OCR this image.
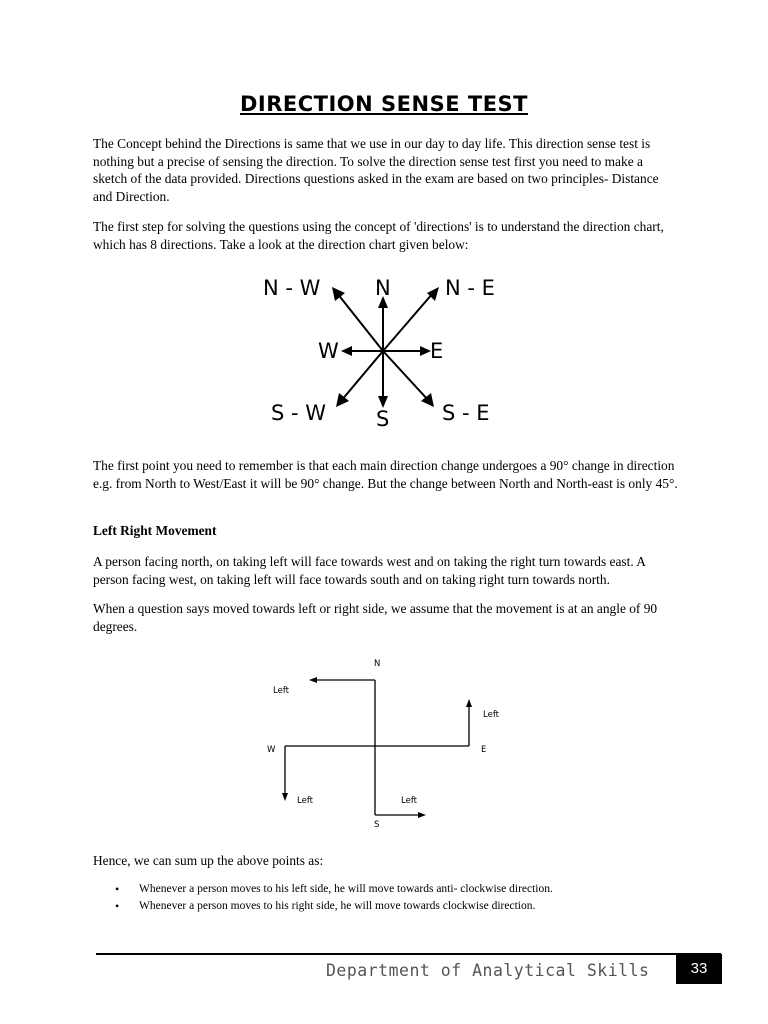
DIRECTION SENSE TEST

The Concept behind the Directions is same that we use in our day to day life. This direction sense test is nothing but a precise of sensing the direction. To solve the direction sense test first you need to make a sketch of the data provided. Directions questions asked in the exam are based on two principles- Distance and Direction.

The first step for solving the questions using the concept of 'directions' is to understand the direction chart, which has 8 directions. Take a look at the direction chart given below:

N - W	N	N - E
W	E
S - W S	S - E

The first point you need to remember is that each main direction change undergoes a 90° change in direction e.g. from North to West/East it will be 90° change. But the change between North and North-east is only 45°.

Left Right Movement

A person facing north, on taking left will face towards west and on taking the right turn towards east. A person facing west, on taking left will face towards south and on taking right turn towards north.

When a question says moved towards left or right side, we assume that the movement is at an angle of 90 degrees.

N
S
W	E
Left
Left
Left	Left

Hence, we can sum up the above points as:

• Whenever a person moves to his left side, he will move towards anti- clockwise direction.
• Whenever a person moves to his right side, he will move towards clockwise direction.
Department of Analytical Skills	33
